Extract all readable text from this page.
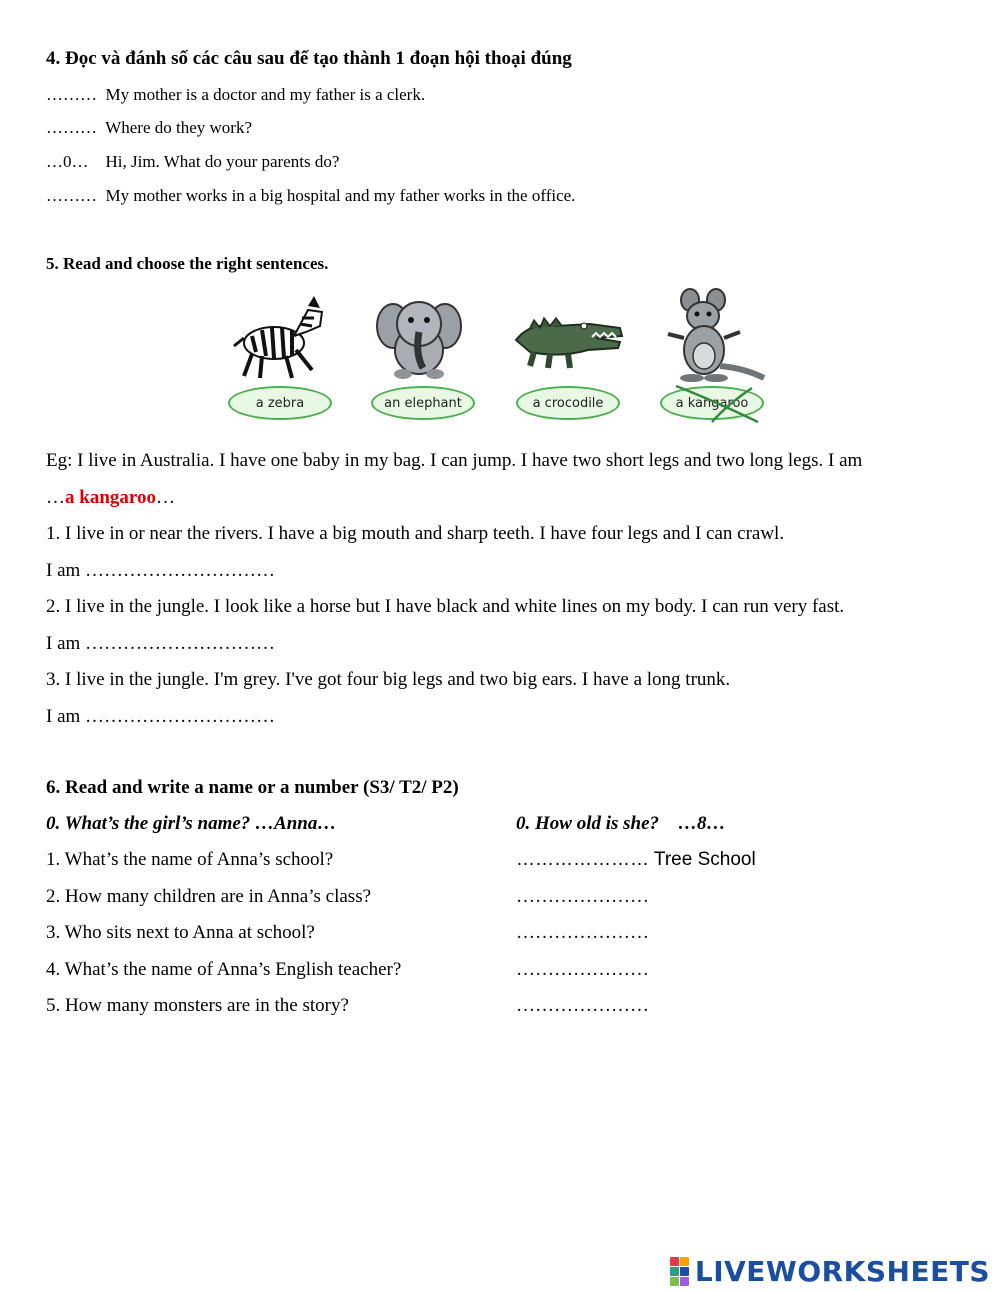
4. Đọc và đánh số các câu sau để tạo thành 1 đoạn hội thoại đúng
……… My mother is a doctor and my father is a clerk.
……… Where do they work?
…0… Hi, Jim. What do your parents do?
……… My mother works in a big hospital and my father works in the office.
5. Read and choose the right sentences.
a zebra	an elephant	a crocodile	a kangaroo
Eg: I live in Australia. I have one baby in my bag. I can jump. I have two short legs and two long legs. I am
…a kangaroo…
1. I live in or near the rivers. I have a big mouth and sharp teeth. I have four legs and I can crawl.
I am …………………………
2. I live in the jungle. I look like a horse but I have black and white lines on my body. I can run very fast.
I am …………………………
3. I live in the jungle. I'm grey. I've got four big legs and two big ears. I have a long trunk.
I am …………………………
6. Read and write a name or a number (S3/ T2/ P2)
0. What’s the girl’s name? …Anna…	0. How old is she?    …8…
1. What’s the name of Anna’s school?	………………… Tree School
2. How many children are in Anna’s class?	…………………
3. Who sits next to Anna at school?	…………………
4. What’s the name of Anna’s English teacher?	…………………
5. How many monsters are in the story?	…………………
LIVEWORKSHEETS
